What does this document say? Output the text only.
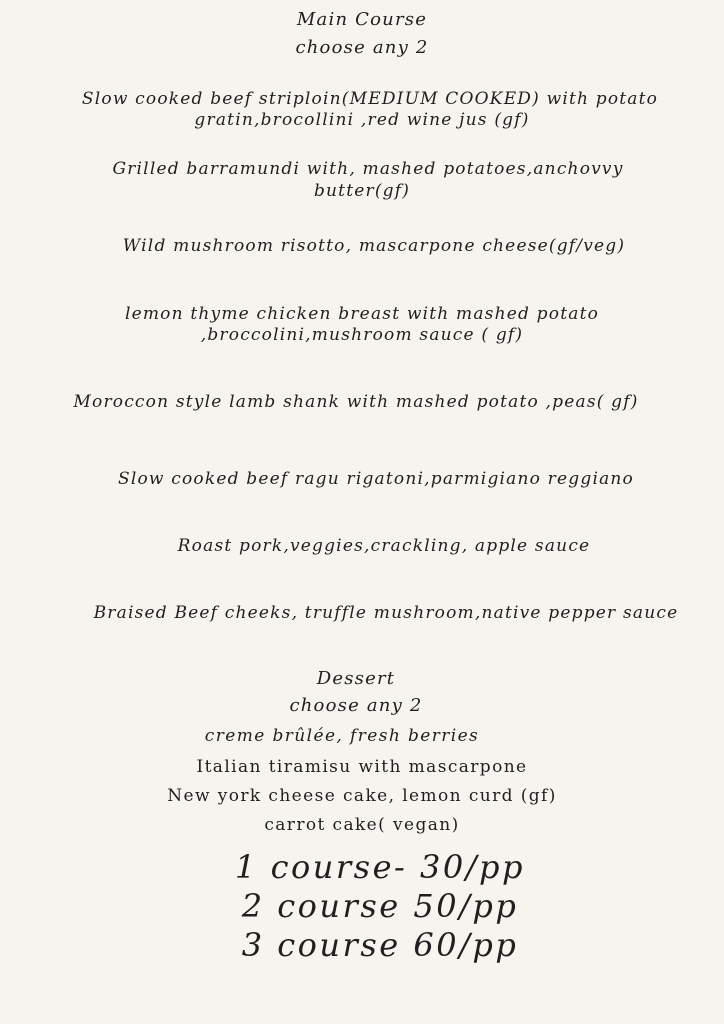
Main Course
choose any 2
Slow cooked beef striploin(MEDIUM COOKED) with potato
gratin,brocollini ,red wine jus (gf)
Grilled barramundi with, mashed potatoes,anchovvy
butter(gf)
Wild mushroom risotto, mascarpone cheese(gf/veg)
lemon thyme chicken breast with mashed potato
,broccolini,mushroom sauce ( gf)
Moroccon style lamb shank with mashed potato ,peas( gf)
Slow cooked beef ragu rigatoni,parmigiano reggiano
Roast pork,veggies,crackling, apple sauce
Braised Beef cheeks, truffle mushroom,native pepper sauce
Dessert
choose any 2
creme brûlée, fresh berries
Italian tiramisu with mascarpone
New york cheese cake, lemon curd (gf)
carrot cake( vegan)
1 course- 30/pp
2 course 50/pp
3 course 60/pp
